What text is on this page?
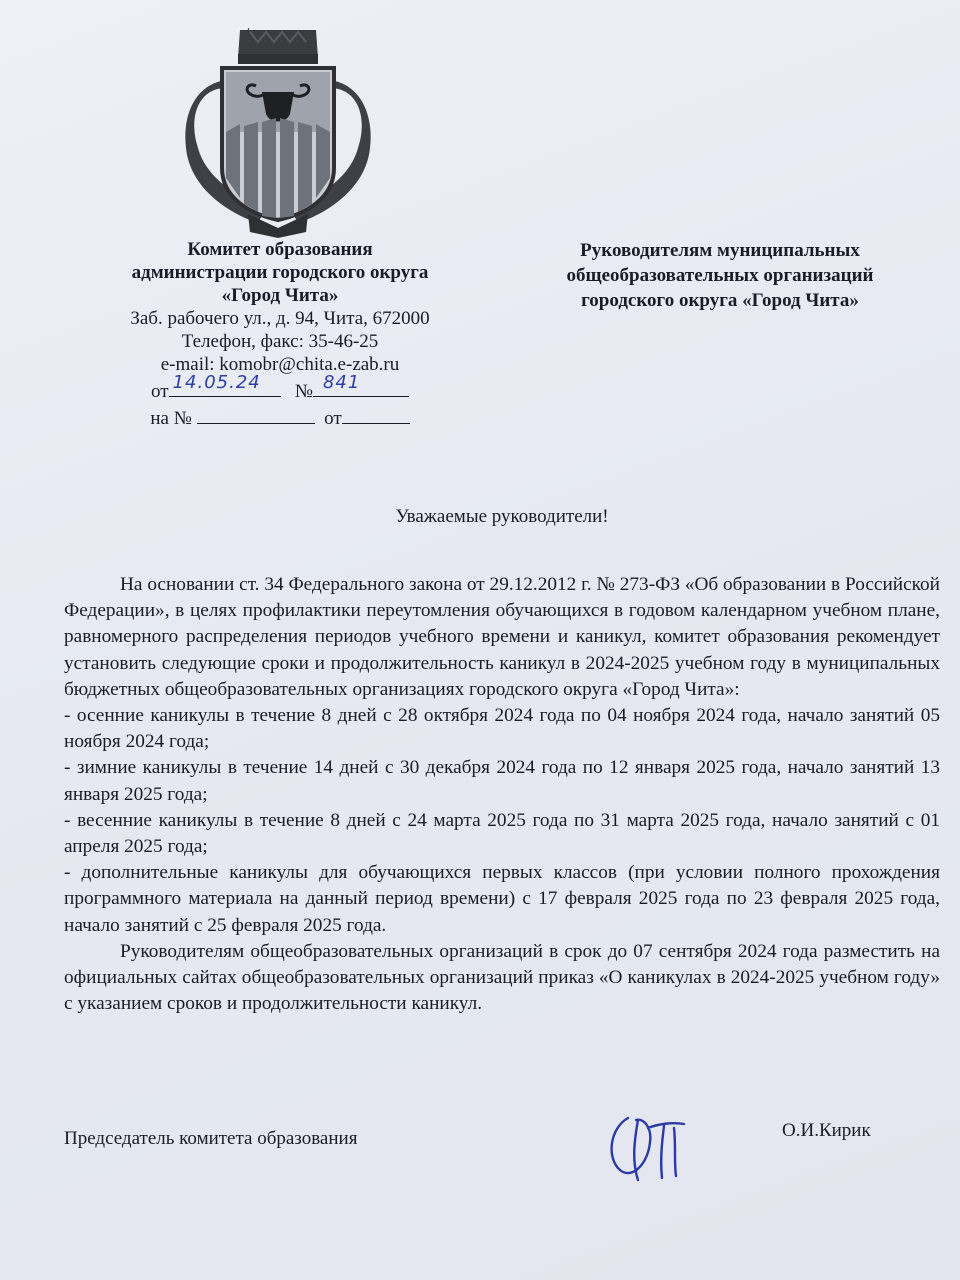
Комитет образования
администрации городского округа
«Город Чита»
Заб. рабочего ул., д. 94, Чита, 672000
Телефон, факс: 35-46-25
e-mail: komobr@chita.e-zab.ru
от 14.05.24 № 841
на №	от
Руководителям муниципальных
общеобразовательных организаций
городского округа «Город Чита»
Уважаемые руководители!

На основании ст. 34 Федерального закона от 29.12.2012 г. № 273-ФЗ «Об образовании в Российской Федерации», в целях профилактики переутомления обучающихся в годовом календарном учебном плане, равномерного распределения периодов учебного времени и каникул, комитет образования рекомендует установить следующие сроки и продолжительность каникул в 2024-2025 учебном году в муниципальных бюджетных общеобразовательных организациях городского округа «Город Чита»:

- осенние каникулы в течение 8 дней с 28 октября 2024 года по 04 ноября 2024 года, начало занятий 05 ноября 2024 года;

- зимние каникулы в течение 14 дней с 30 декабря 2024 года по 12 января 2025 года, начало занятий 13 января 2025 года;

- весенние каникулы в течение 8 дней с 24 марта 2025 года по 31 марта 2025 года, начало занятий с 01 апреля 2025 года;

- дополнительные каникулы для обучающихся первых классов (при условии полного прохождения программного материала на данный период времени) с 17 февраля 2025 года по 23 февраля 2025 года, начало занятий с 25 февраля 2025 года.

Руководителям общеобразовательных организаций в срок до 07 сентября 2024 года разместить на официальных сайтах общеобразовательных организаций приказ «О каникулах в 2024-2025 учебном году» с указанием сроков и продолжительности каникул.

Председатель комитета образования	О.И.Кирик
